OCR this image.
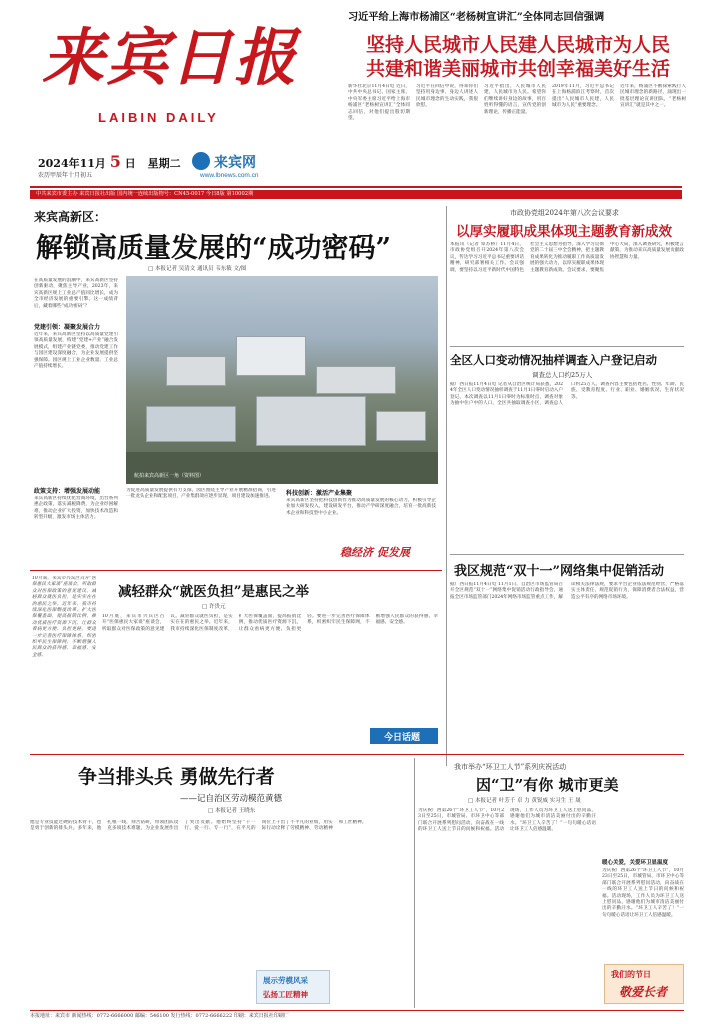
来宾日报
LAIBIN DAILY
2024年11月 5 日 星期二
农历甲辰年十月初五
来宾网
www.lbnews.com.cn
中共来宾市委主办 来宾日报社出版 国内统一连续出版物号：CN45-0017 今日8版 第10002期
习近平给上海市杨浦区“老杨树宣讲汇”全体同志回信强调
坚持人民城市人民建人民城市为人民
共建和谐美丽城市共创幸福美好生活
新华社北京11月4日电 近日，中共中央总书记、国家主席、中央军委主席习近平给上海市杨浦区“老杨树宣讲汇”全体同志回信，对他们提出殷切期望。
习近平在回信中说，得知你们坚持用身边事、身边人讲述人民城市理念的生动实践，我很欣慰。
习近平指出，人民城市人民建，人民城市为人民。希望你们继续讲好身边的故事，用百姓听得懂的语言，宣传党的创新理论，传播正能量。
2019年11月，习近平总书记在上海杨浦滨江考察时，首次提出“人民城市人民建，人民城市为人民”重要理念。
近年来，杨浦区不断探索践行人民城市理念的新路径，涌现出一批基层理论宣讲团队，“老杨树宣讲汇”就是其中之一。
来宾高新区：
解锁高质量发展的“成功密码”
□ 本报记者 吴清文 通讯员 韦东筱 文/图
在高质量发展的浪潮中，来宾高新区坚持创新驱动，聚焦主导产业，2023年，来宾高新区规上工业总产值同比增长，成为全市经济发展的重要引擎。这一成绩背后，藏着哪些“成功密码”？
党建引领：凝聚发展合力
近年来，来宾高新区坚持以高质量党建引领高质量发展，构建“党建+产业”融合发展模式，组建产业链党委，推动党建工作与园区建设深度融合，为企业发展提供坚强保障。园区规上工业企业数量、工业总产值持续增长。
政策支持：增强发展动能
来宾高新区持续优化营商环境，出台系列惠企政策，落实减税降费，为企业纾困解难，推动企业扩大投资，加快技术改造和转型升级，激发市场主体活力。
航拍来宾高新区一角（资料图）
为促进高质量发展提供有力支撑。园区围绕主导产业开展精准招商，引进一批龙头企业和配套项目，产业集群效应逐步显现，项目建设加速推进。	科技创新：激活产业集聚
来宾高新区坚持把科技创新作为推动高质量发展的核心动力，积极引导企业加大研发投入，建设研发平台，推动产学研深度融合，培育一批高新技术企业和科技型中小企业。
稳经济 促发展
市政协党组2024年第八次会议要求
以厚实履职成果体现主题教育新成效
本报讯（记者 覃苏桥）11月4日，市政协党组召开2024年第八次会议，传达学习习近平总书记重要讲话精神，研究部署相关工作。会议强调，要坚持以习近平新时代中国特色社会主义思想为指导，深入学习贯彻党的二十届三中全会精神，把主题教育成果转化为推动履职工作高质量发展的强大动力，以厚实履职成果体现主题教育新成效。会议要求，要聚焦中心大局，深入调查研究，积极建言献策，为推动来宾高质量发展贡献政协智慧和力量。
全区人口变动情况抽样调查入户登记启动
调查总人口约25万人
据广西日报11月4日电 记者从自治区统计局获悉，2024年全区人口变动情况抽样调查于11月1日零时启动入户登记。本次调查以11月1日零时为标准时点，调查对象为抽中住户中的人口，全区共抽取调查小区，调查总人口约25万人。调查内容主要包括姓名、性别、年龄、民族、受教育程度、行业、职业、婚姻状况、生育状况等。
我区规范“双十一”网络集中促销活动
据广西日报11月4日电 11月1日，自治区市场监管局召开全区规范“双十一”网络集中促销活动行政指导会，通报全区市场监管部门2024年网络市场监管重点工作，解读相关法律法规，要求平台企业依法规范经营，严格落实主体责任，规范促销行为，保障消费者合法权益，营造公平有序的网络市场环境。
10月底，来宾市兴宾区召开“医保惠民大家谈”座谈会，听取群众对医保政策的意见建议。减轻群众就医负担，是实实在在的惠民之举。近年来，我市持续深化医保制度改革，扩大医保覆盖面，提高报销比例，推动优质医疗资源下沉，让群众看病更方便、负担更轻。要进一步完善医疗保障体系，织密织牢民生保障网，不断增强人民群众的获得感、幸福感、安全感。
减轻群众“就医负担”是惠民之举
□ 许贵元
10月底，来宾市兴宾区召开“医保惠民大家谈”座谈会，听取群众对医保政策的意见建议。减轻群众就医负担，是实实在在的惠民之举。近年来，我市持续深化医保制度改革，扩大医保覆盖面，提高报销比例，推动优质医疗资源下沉，让群众看病更方便、负担更轻。要进一步完善医疗保障体系，织密织牢民生保障网，不断增强人民群众的获得感、幸福感、安全感。
今日话题
争当排头兵 勇做先行者
——记自治区劳动模范黄德
□ 本报记者 王晓东
他是专业技能过硬的技术骨干，也是勇于创新的排头兵。多年来，他扎根一线，刻苦钻研，带领团队攻克多项技术难题，为企业发展作出了突出贡献。他始终坚持“干一行、爱一行、专一行”，在平凡的岗位上干出了不平凡的业绩，用实际行动诠释了劳模精神、劳动精神和工匠精神。
展示劳模风采
弘扬工匠精神
我市举办“环卫工人节”系列庆祝活动
因“卫”有你 城市更美
□ 本报记者 叶芳千 卓 力 黄锐威 实习生 王 晟
为庆祝广西第26个“环卫工人节”，10月23日至25日，市城管局、市环卫中心等部门联合开展系列慰问活动，向奋战在一线的环卫工人送上节日的问候和祝福。活动现场，工作人员为环卫工人送上慰问品，感谢他们为城市清洁美丽付出的辛勤汗水。“环卫工人辛苦了！”一句句暖心话语让环卫工人倍感温暖。
暖心关爱，关爱环卫显温度
为庆祝广西第26个“环卫工人节”，10月23日至25日，市城管局、市环卫中心等部门联合开展系列慰问活动，向奋战在一线的环卫工人送上节日的问候和祝福。活动现场，工作人员为环卫工人送上慰问品，感谢他们为城市清洁美丽付出的辛勤汗水。“环卫工人辛苦了！”一句句暖心话语让环卫工人倍感温暖。
我们的节日
敬爱长者
本报地址：来宾市 新闻热线：0772-6666000 邮编：546100 发行热线：0772-6666222 印刷：来宾日报社印刷厂
